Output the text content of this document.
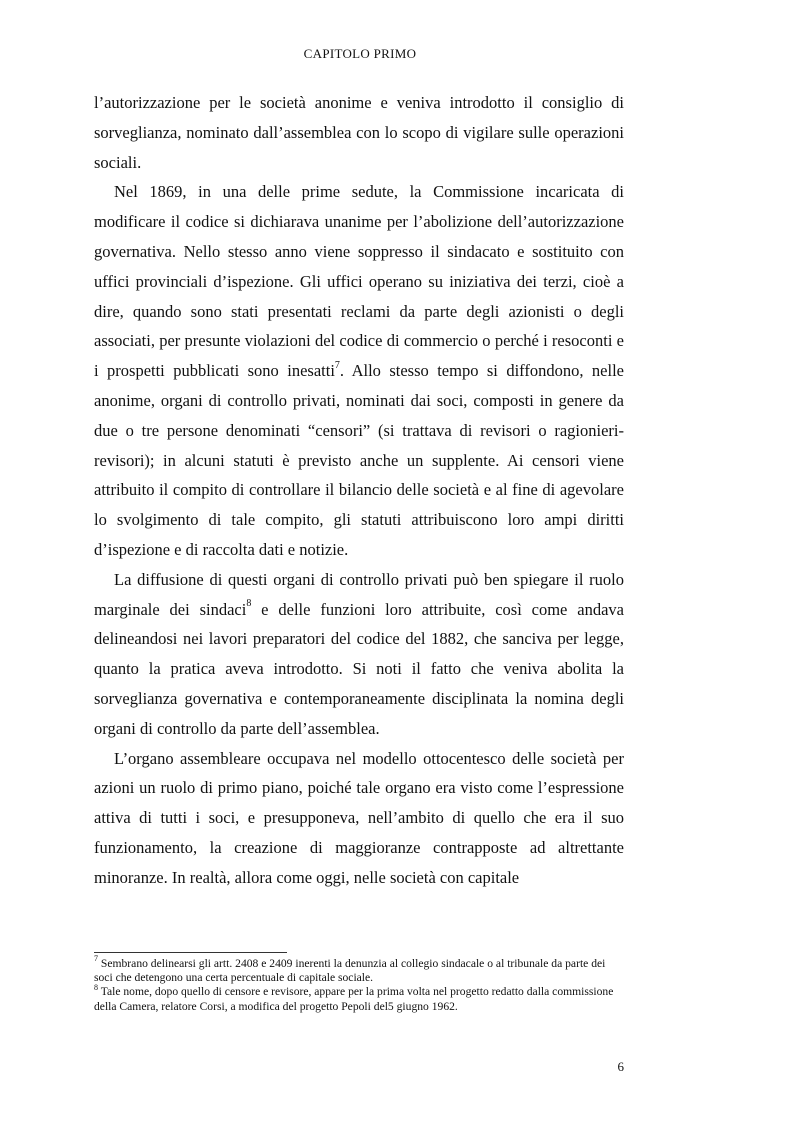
CAPITOLO PRIMO

l’autorizzazione per le società anonime e veniva introdotto il consiglio di sorveglianza, nominato dall’assemblea con lo scopo di vigilare sulle operazioni sociali.

Nel 1869, in una delle prime sedute, la Commissione incaricata di modificare il codice si dichiarava unanime per l’abolizione dell’autorizzazione governativa. Nello stesso anno viene soppresso il sindacato e sostituito con uffici provinciali d’ispezione. Gli uffici operano su iniziativa dei terzi, cioè a dire, quando sono stati presentati reclami da parte degli azionisti o degli associati, per presunte violazioni del codice di commercio o perché i resoconti e i prospetti pubblicati sono inesatti$^7$. Allo stesso tempo si diffondono, nelle anonime, organi di controllo privati, nominati dai soci, composti in genere da due o tre persone denominati “censori” (si trattava di revisori o ragionieri-revisori); in alcuni statuti è previsto anche un supplente. Ai censori viene attribuito il compito di controllare il bilancio delle società e al fine di agevolare lo svolgimento di tale compito, gli statuti attribuiscono loro ampi diritti d’ispezione e di raccolta dati e notizie.

La diffusione di questi organi di controllo privati può ben spiegare il ruolo marginale dei sindaci$^8$ e delle funzioni loro attribuite, così come andava delineandosi nei lavori preparatori del codice del 1882, che sanciva per legge, quanto la pratica aveva introdotto. Si noti il fatto che veniva abolita la sorveglianza governativa e contemporaneamente disciplinata la nomina degli organi di controllo da parte dell’assemblea.

L’organo assembleare occupava nel modello ottocentesco delle società per azioni un ruolo di primo piano, poiché tale organo era visto come l’espressione attiva di tutti i soci, e presupponeva, nell’ambito di quello che era il suo funzionamento, la creazione di maggioranze contrapposte ad altrettante minoranze. In realtà, allora come oggi, nelle società con capitale

$^7$ Sembrano delinearsi gli artt. 2408 e 2409 inerenti la denunzia al collegio sindacale o al tribunale da parte dei soci che detengono una certa percentuale di capitale sociale.

$^8$ Tale nome, dopo quello di censore e revisore, appare per la prima volta nel progetto redatto dalla commissione della Camera, relatore Corsi, a modifica del progetto Pepoli del5 giugno 1962.

6
